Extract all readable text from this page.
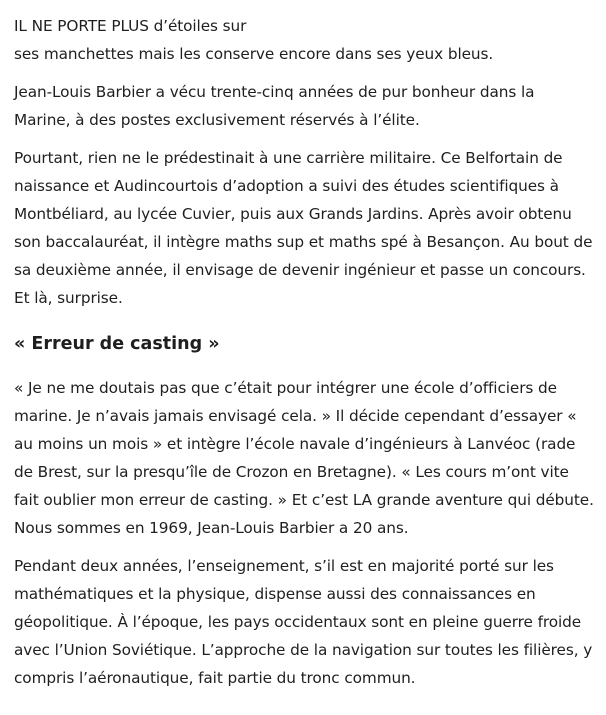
IL NE PORTE PLUS d’étoiles sur
ses manchettes mais les conserve encore dans ses yeux bleus.

Jean-Louis Barbier a vécu trente-cinq années de pur bonheur dans la Marine, à des postes exclusivement réservés à l’élite.

Pourtant, rien ne le prédestinait à une carrière militaire. Ce Belfortain de naissance et Audincourtois d’adoption a suivi des études scientifiques à Montbéliard, au lycée Cuvier, puis aux Grands Jardins. Après avoir obtenu son baccalauréat, il intègre maths sup et maths spé à Besançon. Au bout de sa deuxième année, il envisage de devenir ingénieur et passe un concours. Et là, surprise.

« Erreur de casting »

« Je ne me doutais pas que c’était pour intégrer une école d’officiers de marine. Je n’avais jamais envisagé cela. » Il décide cependant d’essayer « au moins un mois » et intègre l’école navale d’ingénieurs à Lanvéoc (rade de Brest, sur la presqu’île de Crozon en Bretagne). « Les cours m’ont vite fait oublier mon erreur de casting. » Et c’est LA grande aventure qui débute. Nous sommes en 1969, Jean-Louis Barbier a 20 ans.

Pendant deux années, l’enseignement, s’il est en majorité porté sur les mathématiques et la physique, dispense aussi des connaissances en géopolitique. À l’époque, les pays occidentaux sont en pleine guerre froide avec l’Union Soviétique. L’approche de la navigation sur toutes les filières, y compris l’aéronautique, fait partie du tronc commun.
